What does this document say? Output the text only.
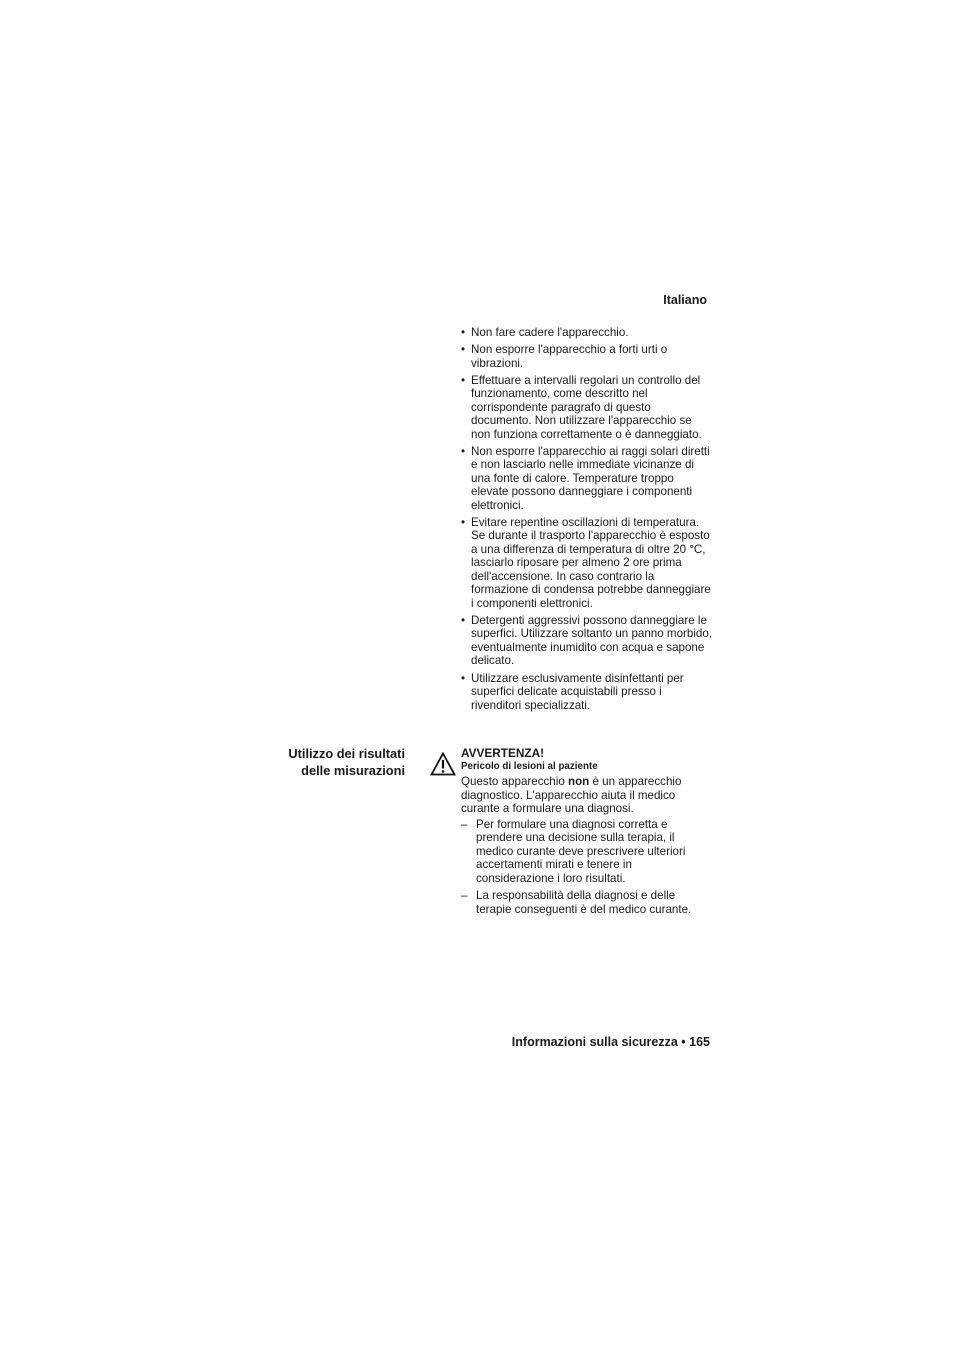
Italiano
• Non fare cadere l'apparecchio.
• Non esporre l'apparecchio a forti urti o vibrazioni.
• Effettuare a intervalli regolari un controllo del funzionamento, come descritto nel corrispondente paragrafo di questo documento. Non utilizzare l'apparecchio se non funziona correttamente o è danneggiato.
• Non esporre l'apparecchio ai raggi solari diretti e non lasciarlo nelle immediate vicinanze di una fonte di calore. Temperature troppo elevate possono danneggiare i componenti elettronici.
• Evitare repentine oscillazioni di temperatura. Se durante il trasporto l'apparecchio è esposto a una differenza di temperatura di oltre 20 °C, lasciarlo riposare per almeno 2 ore prima dell'accensione. In caso contrario la formazione di condensa potrebbe danneggiare i componenti elettronici.
• Detergenti aggressivi possono danneggiare le superfici. Utilizzare soltanto un panno morbido, eventualmente inumidito con acqua e sapone delicato.
• Utilizzare esclusivamente disinfettanti per superfici delicate acquistabili presso i rivenditori specializzati.
Utilizzo dei risultati
delle misurazioni
AVVERTENZA!
Pericolo di lesioni al paziente

Questo apparecchio non è un apparecchio diagnostico. L'apparecchio aiuta il medico curante a formulare una diagnosi.

– Per formulare una diagnosi corretta e prendere una decisione sulla terapia, il medico curante deve prescrivere ulteriori accertamenti mirati e tenere in considerazione i loro risultati.
– La responsabilità della diagnosi e delle terapie conseguenti è del medico curante.
Informazioni sulla sicurezza • 165
